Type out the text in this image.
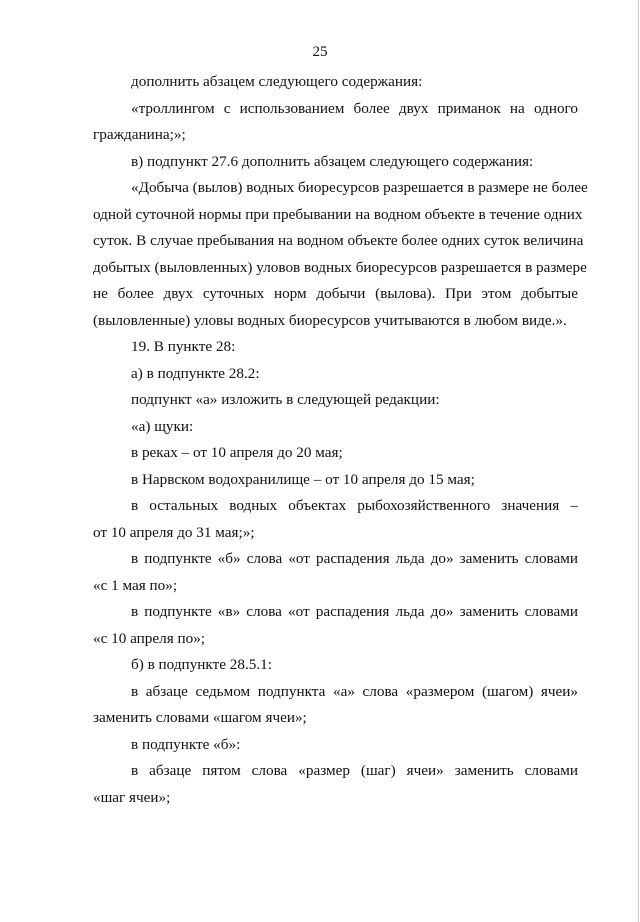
25
дополнить абзацем следующего содержания:
«троллингом с использованием более двух приманок на одного
гражданина;»;
в) подпункт 27.6 дополнить абзацем следующего содержания:
«Добыча (вылов) водных биоресурсов разрешается в размере не более
одной суточной нормы при пребывании на водном объекте в течение одних
суток. В случае пребывания на водном объекте более одних суток величина
добытых (выловленных) уловов водных биоресурсов разрешается в размере
не более двух суточных норм добычи (вылова). При этом добытые
(выловленные) уловы водных биоресурсов учитываются в любом виде.».
19. В пункте 28:
а) в подпункте 28.2:
подпункт «а» изложить в следующей редакции:
«а) щуки:
в реках – от 10 апреля до 20 мая;
в Нарвском водохранилище – от 10 апреля до 15 мая;
в остальных водных объектах рыбохозяйственного значения –
от 10 апреля до 31 мая;»;
в подпункте «б» слова «от распадения льда до» заменить словами
«с 1 мая по»;
в подпункте «в» слова «от распадения льда до» заменить словами
«с 10 апреля по»;
б) в подпункте 28.5.1:
в абзаце седьмом подпункта «а» слова «размером (шагом) ячеи»
заменить словами «шагом ячеи»;
в подпункте «б»:
в абзаце пятом слова «размер (шаг) ячеи» заменить словами
«шаг ячеи»;
